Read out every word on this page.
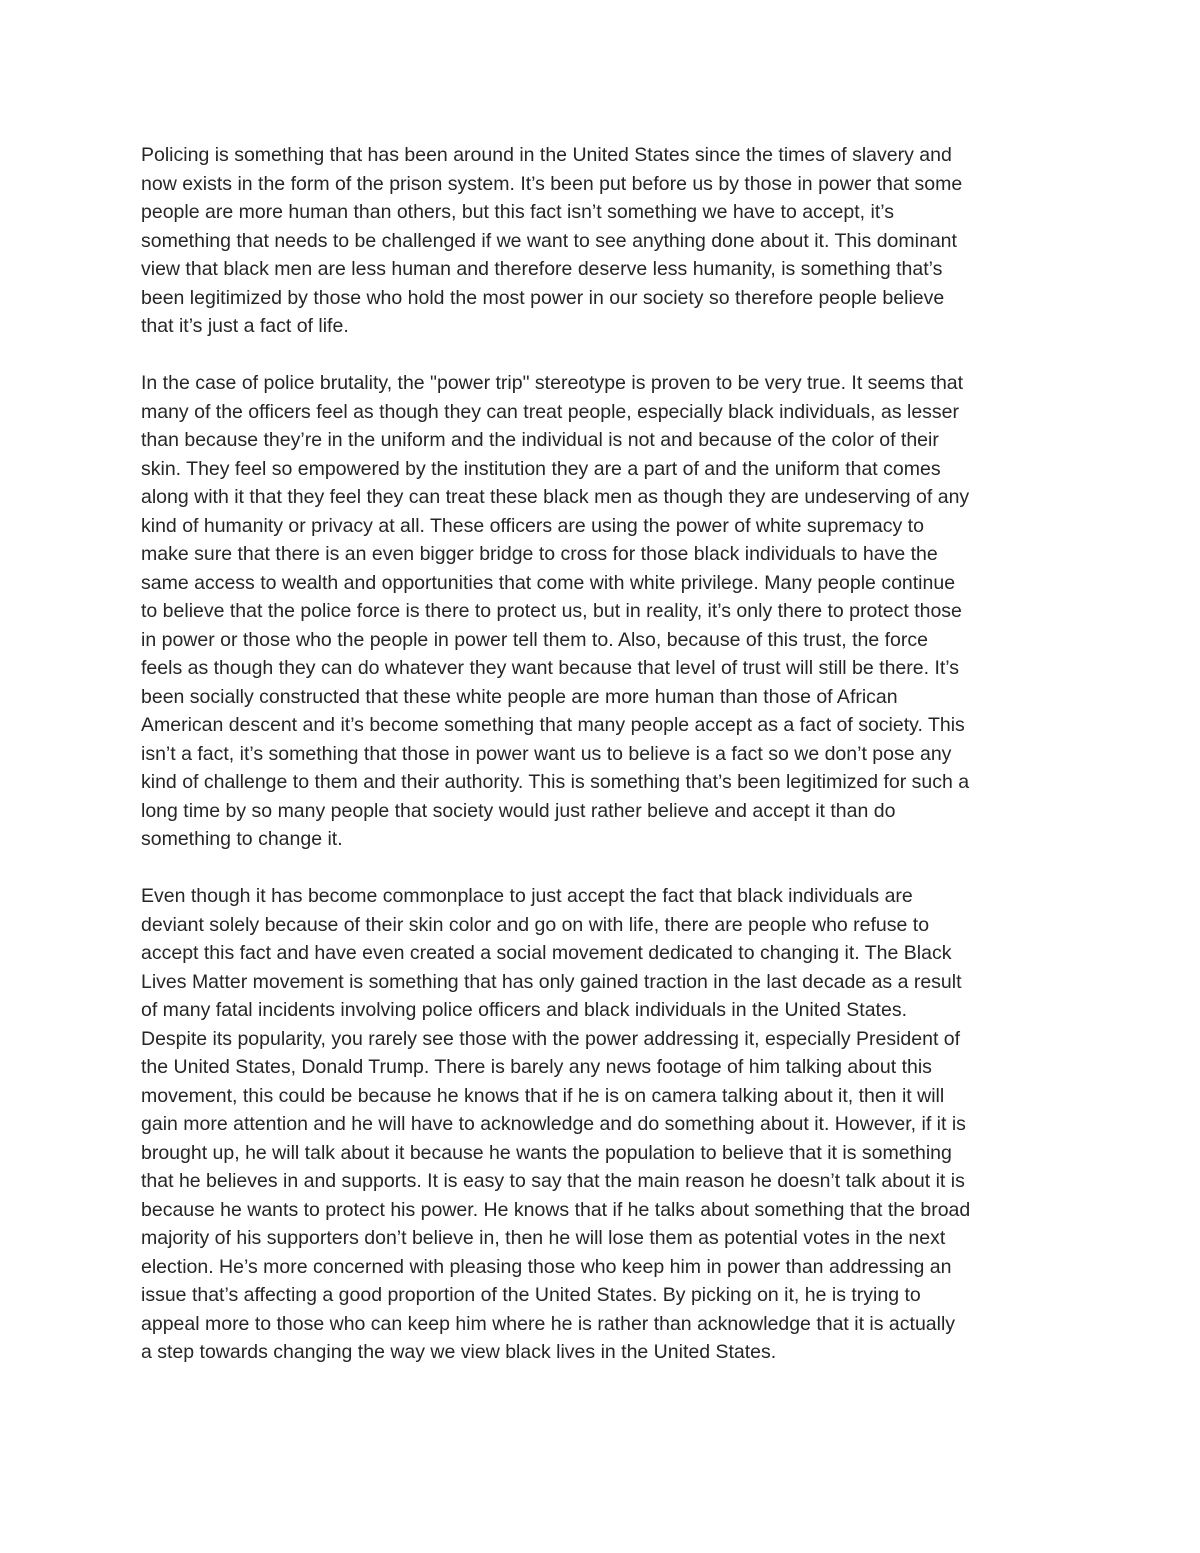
Policing is something that has been around in the United States since the times of slavery and
now exists in the form of the prison system. It’s been put before us by those in power that some
people are more human than others, but this fact isn’t something we have to accept, it’s
something that needs to be challenged if we want to see anything done about it. This dominant
view that black men are less human and therefore deserve less humanity, is something that’s
been legitimized by those who hold the most power in our society so therefore people believe
that it’s just a fact of life.
In the case of police brutality, the "power trip" stereotype is proven to be very true. It seems that
many of the officers feel as though they can treat people, especially black individuals, as lesser
than because they’re in the uniform and the individual is not and because of the color of their
skin. They feel so empowered by the institution they are a part of and the uniform that comes
along with it that they feel they can treat these black men as though they are undeserving of any
kind of humanity or privacy at all. These officers are using the power of white supremacy to
make sure that there is an even bigger bridge to cross for those black individuals to have the
same access to wealth and opportunities that come with white privilege. Many people continue
to believe that the police force is there to protect us, but in reality, it’s only there to protect those
in power or those who the people in power tell them to. Also, because of this trust, the force
feels as though they can do whatever they want because that level of trust will still be there. It’s
been socially constructed that these white people are more human than those of African
American descent and it’s become something that many people accept as a fact of society. This
isn’t a fact, it’s something that those in power want us to believe is a fact so we don’t pose any
kind of challenge to them and their authority. This is something that’s been legitimized for such a
long time by so many people that society would just rather believe and accept it than do
something to change it.
Even though it has become commonplace to just accept the fact that black individuals are
deviant solely because of their skin color and go on with life, there are people who refuse to
accept this fact and have even created a social movement dedicated to changing it. The Black
Lives Matter movement is something that has only gained traction in the last decade as a result
of many fatal incidents involving police officers and black individuals in the United States.
Despite its popularity, you rarely see those with the power addressing it, especially President of
the United States, Donald Trump. There is barely any news footage of him talking about this
movement, this could be because he knows that if he is on camera talking about it, then it will
gain more attention and he will have to acknowledge and do something about it. However, if it is
brought up, he will talk about it because he wants the population to believe that it is something
that he believes in and supports. It is easy to say that the main reason he doesn’t talk about it is
because he wants to protect his power. He knows that if he talks about something that the broad
majority of his supporters don’t believe in, then he will lose them as potential votes in the next
election. He’s more concerned with pleasing those who keep him in power than addressing an
issue that’s affecting a good proportion of the United States. By picking on it, he is trying to
appeal more to those who can keep him where he is rather than acknowledge that it is actually
a step towards changing the way we view black lives in the United States.
